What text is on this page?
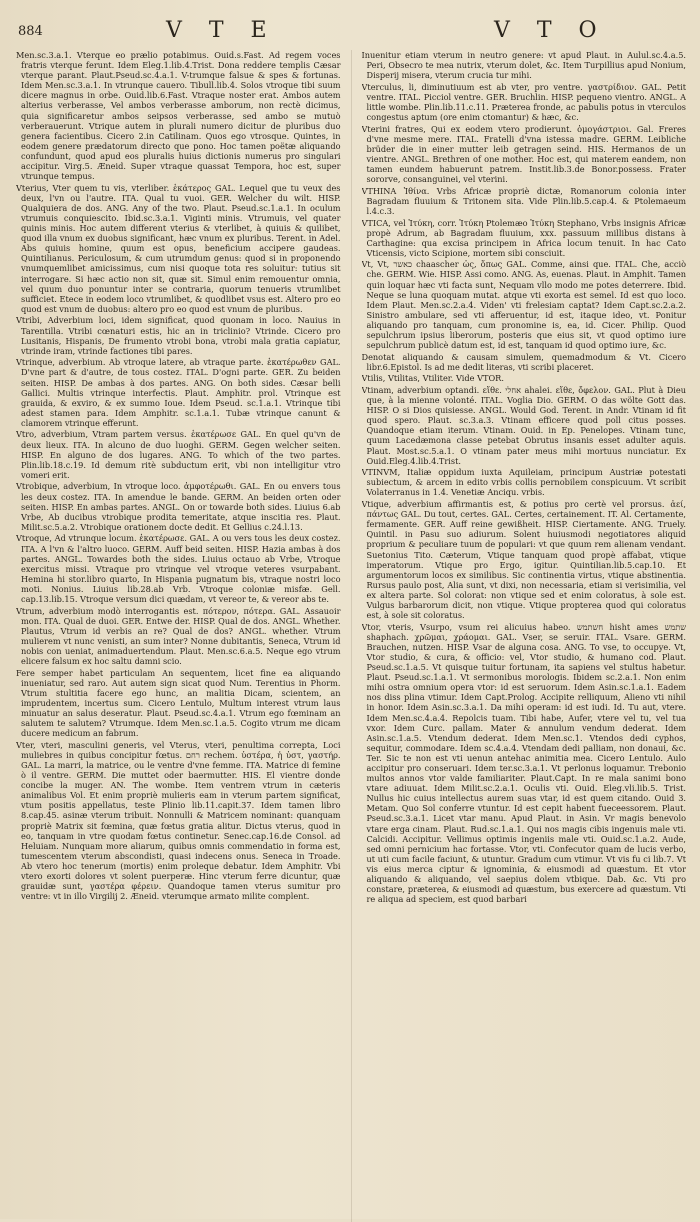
884	V T E	V T O

Men.sc.3.a.1. Vterque eo prælio potabimus. Ouid.s.Fast. Ad regem voces fratris vterque ferunt. Idem Eleg.1.lib.4.Trist. Dona reddere templis Cæsar vterque parant. Plaut.Pseud.sc.4.a.1. V-trumque falsue & spes & fortunas. Idem Men.sc.3.a.1. In vtrunque cauero. Tibull.lib.4. Solos vtroque tibi suum dicere magnus in orbe. Ouid.lib.6.Fast. Vtraque noster erat. Ambos autem alterius verberasse, Vel ambos verberasse amborum, non rectè dicimus, quia significaretur ambos seipsos verberasse, sed ambo se mutuò verberauerunt. Vtrique autem in plurali numero dicitur de pluribus duo genera facientibus. Cicero 2.in Catilinam. Quos ego vtrosque. Quintes, in eodem genere prædatorum directo que pono. Hoc tamen poëtæ aliquando confundunt, quod apud eos pluralis huius dictionis numerus pro singulari accipitur. Virg.5. Æneid. Super vtraque quassat Tempora, hoc est, super vtrunque tempus.

Vterius, Vter quem tu vis, vterliber. ἑκάτερος GAL. Lequel que tu veux des deux, l'vn ou l'autre. ITA. Qual tu vuoi. GER. Welcher du wilt. HISP. Qualquiera de dos. ANG. Any of the two. Plaut. Pseud.sc.1.a.1. In oculum vtrumuis conquiescito. Ibid.sc.3.a.1. Viginti minis. Vtrumuis, vel quater quinis minis. Hoc autem different vterius & vterlibet, à quiuis & quilibet, quod illa vnum ex duobus significant, hæc vnum ex pluribus. Terent. in Adel. Abs quiuis homine, quum est opus, beneficium accipere gaudeas. Quintilianus. Periculosum, & cum utrumdum genus: quod si in proponendo vnumquemlibet amicissimus, cum nisi quoque tota res soluitur: tutius sit interrogare. Si hæc actio non sit, quæ sit. Simul enim remouentur omnia, vel quum duo ponuntur inter se contraria, quorum tenueris vtrumlibet sufficiet. Etece in eodem loco vtrumlibet, & quodlibet vsus est. Altero pro eo quod est vnum de duobus: altero pro eo quod est vnum de pluribus.

Vtribi, Adverbium loci, idem significat, quod quonam in loco. Nauius in Tarentilla. Vtribi cœnaturi estis, hic an in triclinio? Vtrinde. Cicero pro Lusitanis, Hispanis, De frumento vtrobi bona, vtrobi mala gratia capiatur, vtrinde iram, vtrinde factiones tibi pares.

Vtrinque, adverbium. Ab vtroque latere, ab vtraque parte. ἑκατέρωθεν GAL. D'vne part & d'autre, de tous costez. ITAL. D'ogni parte. GER. Zu beiden seiten. HISP. De ambas à dos partes. ANG. On both sides. Cæsar belli Gallici. Multis vtrinque interfectis. Plaut. Amphitr. prol. Vtrinque est grauida, & exviro, & ex summo Ioue. Idem Pseud. sc.1.a.1. Vtrinque tibi adest stamen para. Idem Amphitr. sc.1.a.1. Tubæ vtrinque canunt & clamorem vtrinque efferunt.

Vtro, adverbium, Vtram partem versus. ἑκατέρωσε GAL. En quel qu'vn de deux lieux. ITA. In alcuno de duo luoghi. GERM. Gegen welcher seiten. HISP. En alguno de dos lugares. ANG. To which of the two partes. Plin.lib.18.c.19. Id demum ritè subductum erit, vbi non intelligitur vtro vomeri erit.

Vtrobique, adverbium, In vtroque loco. ἀμφοτέρωθι. GAL. En ou envers tous les deux costez. ITA. In amendue le bande. GERM. An beiden orten oder seiten. HISP. En ambas partes. ANGL. On or towarde both sides. Liuius 6.ab Vrbe, Ab ducibus vtrobique prodita temeritate, atque inscitia res. Plaut. Milit.sc.5.a.2. Vtrobique orationem docte dedit. Et Gellius c.24.l.13.

Vtroque, Ad vtrunque locum. ἑκατέρωσε. GAL. A ou vers tous les deux costez. ITA. A l'vn & l'altro luoco. GERM. Auff beid seiten. HISP. Hazia ambas à dos partes. ANGL. Towardes both the sides. Liuius octauo ab Vrbe, Vtroque exercitus missi. Vtraque pro vtrinque vel vtroque veteres vsurpabant. Hemina hi stor.libro quarto, In Hispania pugnatum bis, vtraque nostri loco moti. Nonius. Liuius lib.28.ab Vrb. Vtroque coloniæ misfæ. Gell. cap.13.lib.15. Vtroque versum dici quædam, vt vereor te, & vereor abs te.

Vtrum, adverbium modò interrogantis est. πότερον, πότερα. GAL. Assauoir mon. ITA. Qual de duoi. GER. Entwe der. HISP. Qual de dos. ANGL. Whether. Plautus, Vtrum id verbis an re? Qual de dos? ANGL. whether. Vtrum mulierem vt nunc venisti, an sum inter? Nonne dubitantis, Seneca, Vtrum id nobis con ueniat, animaduertendum. Plaut. Men.sc.6.a.5. Neque ego vtrum elicere falsum ex hoc saltu damni scio.

Fere semper habet particulam An sequentem, licet fine ea aliquando inueniatur, sed raro. Aut autem sign sicat quod Num. Terentius in Phorm. Vtrum stultitia facere ego hunc, an malitia Dicam, scientem, an imprudentem, incertus sum. Cicero Lentulo, Multum interest vtrum laus minuatur an salus deseratur. Plaut. Pseud.sc.4.a.1. Vtrum ego fœminam an salutem te salutem? Vtrumque. Idem Men.sc.1.a.5. Cogito vtrum me dicam ducere medicum an fabrum.

Vter, vteri, masculini generis, vel Vterus, vteri, penultima correpta, Loci muliebres in quibus concipitur fœtus. רחם rechem. ὑστέρα, ἡ ὑστ, γαστήρ. GAL. La marri, la matrice, ou le ventre d'vne femme. ITA. Matrice di femine ò il ventre. GERM. Die muttet oder baermutter. HIS. El vientre donde concibe la muger. AN. The wombe. Item ventrem vtrum in cæteris animalibus Vol. Et enim propriè mulieris eam in vterum partem significat, vtum positis appellatus, teste Plinio lib.11.capit.37. Idem tamen libro 8.cap.45. asinæ vterum tribuit. Nonnulli & Matricem nominant: quanquam propriè Matrix sit fœmina, quæ fœtus gratia alitur. Dictus vterus, quod in eo, tanquam in vtre quodam fœtus continetur. Senec.cap.16.de Consol. ad Heluiam. Nunquam more aliarum, quibus omnis commendatio in forma est, tumescentem vterum abscondisti, quasi indecens onus. Seneca in Troade. Ab vtero hoc tenerum (mortis) enim proleque debatur. Idem Amphitr. Vbi vtero exorti dolores vt solent puerperæ. Hinc vterum ferre dicuntur, quæ grauidæ sunt, γαστέρα φέρειν. Quandoque tamen vterus sumitur pro ventre: vt in illo Virgilij 2. Æneid. vterumque armato milite complent.

Inuenitur etiam vterum in neutro genere: vt apud Plaut. in Aulul.sc.4.a.5. Peri, Obsecro te mea nutrix, vterum dolet, &c. Item Turpillius apud Nonium, Disperij misera, vterum crucia tur mihi.

Vterculus, li, diminutiuum est ab vter, pro ventre. γαστρίδιον. GAL. Petit ventre. ITAL. Picciol ventre. GER. Bruchlin. HISP. pequeno vientro. ANGL. A little wombe. Plin.lib.11.c.11. Præterea fronde, ac pabulis potus in vterculos congestus aptum (ore enim ctomantur) & hæc, &c.

Vterini fratres, Qui ex eodem vtero prodierunt. ὁμογάστριοι. Gal. Freres d'vne mesme mere. ITAL. Fratelli d'vna istessa madre. GERM. Leibliche brüder die in einer mutter leib getragen seind. HIS. Hermanos de un vientre. ANGL. Brethren of one mother. Hoc est, qui materem eandem, non tamen eundem habuerunt patrem. Instit.lib.3.de Bonor.possess. Frater sororve, consanguinei, vel vterini.

VTHINA Ἰθίνα. Vrbs Africæ propriè dictæ, Romanorum colonia inter Bagradam fluuium & Tritonem sita. Vide Plin.lib.5.cap.4. & Ptolemaeum l.4.c.3.

VTICA, vel Ἰτύκη, corr. Ἰτύκη Ptolemæo Ἰτύκη Stephano, Vrbs insignis Africæ propè Adrum, ab Bagradam fluuium, xxx. passuum millibus distans à Carthagine: qua excisa principem in Africa locum tenuit. In hac Cato Vticensis, victo Scipione, mortem sibi consciuit.

Vt, Vt, כאשר chaascher ὡς, ὅπως GAL. Comme, ainsi que. ITAL. Che, acciò che. GERM. Wie. HISP. Assi como. ANG. As, euenas. Plaut. in Amphit. Tamen quin loquar hæc vti facta sunt, Nequam vllo modo me potes deterrere. Ibid. Neque se luna quoquam mutat. atque vti exorta est semel. Id est quo loco. Idem Plaut. Men.sc.2.a.4. Viden' vti frelesiam captat? Idem Capt.sc.2.a.2. Sinistro ambulare, sed vti afferuentur, id est, itaque ideo, vt. Ponitur aliquando pro tanquam, cum pronomine is, ea, id. Cicer. Philip. Quod sepulchrum ipsius liberorum, posteris que eius sit, vt quod optimo iure sepulchrum publicè datum est, id est, tanquam id quod optimo iure, &c.

Denotat aliquando & causam simulem, quemadmodum & Vt. Cicero libr.6.Epistol. Is ad me dedit literas, vti scribi placeret.

Vtilis, Vtilitas, Vtiliter. Vide VTOR.

Vtinam, adverbium optandi. εἴθε. אחלי ahalei. εἴθε, ὄφελον. GAL. Plut à Dieu que, à la mienne volonté. ITAL. Voglia Dio. GERM. O das wölte Gott das. HISP. O si Dios quisiesse. ANGL. Would God. Terent. in Andr. Vtinam id fit quod spero. Plaut. sc.3.a.3. Vtinam efficere quod poll citus posses. Quandoque etiam iterum. Vtinam. Ouid. in Ep. Penelopes. Vtinam tunc, quum Lacedæmona classe petebat Obrutus insanis esset adulter aquis. Plaut. Most.sc.5.a.1. O vtinam pater meus mihi mortuus nunciatur. Ex Ouid.Eleg.4.lib.4.Trist.

VTINVM, Italiæ oppidum iuxta Aquileiam, principum Austriæ potestati subiectum, & arcem in edito vrbis collis pernobilem conspicuum. Vt scribit Volaterranus in 1.4. Venetiæ Anciqu. vrbis.

Vtique, adverbium affirmantis est, & potius pro certè vel prorsus. ἀεί, πάντως GAL. Du tout, certes. GAL. Certes, certainement. IT. Al. Certamente, fermamente. GER. Auff reine gewißheit. HISP. Ciertamente. ANG. Truely. Quintil. in Pasu suo adiurum. Solent huiusmodi negotiatores aliquid proprium & peculiare tuum de populari: vt que quum rem alienam vendant. Suetonius Tito. Cæterum, Vtique tanquam quod propè affabat, vtique imperatorum. Vtique pro Ergo, igitur. Quintilian.lib.5.cap.10. Et argumentorum locos ex similibus. Sic continentia virtus, vtique abstinentia. Rursus paulo post, Alia sunt, vt dixi, non necessaria, etiam si verisimilia, vel ex altera parte. Sol colorat: non vtique sed et enim coloratus, à sole est. Vulgus barbarorum dicit, non vtique. Vtique propterea quod qui coloratus est, à sole sit coloratus.

Vtor, vteris, Vsurpo, vsum rei alicuius habeo. חשתמש hisht ames שתמש shaphach. χρῶμαι, χράομαι. GAL. Vser, se seruir. ITAL. Vsare. GERM. Brauchen, nutzen. HISP. Vsar de alguna cosa. ANG. To vse, to occupye. Vt, Vtor studio, & cura, & officio: vel, Vtor studio, & humano cod. Plaut. Pseud.sc.1.a.5. Vt quisque tuitur fortunam, ita sapiens vel stultus habetur. Plaut. Pseud.sc.1.a.1. Vt sermonibus morologis. Ibidem sc.2.a.1. Non enim mihi ostra omnium opera vtor: id est seruorum. Idem Asin.sc.1.a.1. Eadem nos diss plina vtimur. Idem Capt.Prolog. Accipite relliquum, Alieno vti nihil in honor. Idem Asin.sc.3.a.1. Da mihi operam: id est iudi. Id. Tu aut, vtere. Idem Men.sc.4.a.4. Repolcis tuam. Tibi habe, Aufer, vtere vel tu, vel tua vxor. Idem Curc. pallam. Mater & annulum vendum dederat. Idem Asin.sc.1.a.5. Vtendum dederat. Idem Men.sc.1. Vtendos dedi cyphos, sequitur, commodare. Idem sc.4.a.4. Vtendam dedi palliam, non donaui, &c. Ter. Sic te non est vti uenun antehac animitia mea. Cicero Lentulo. Aulo accipitur pro conseruari. Idem ter.sc.3.a.1. Vt perlonus loquamur. Trebonio multos annos vtor valde familiariter. Plaut.Capt. In re mala sanimi bono vtare adiuuat. Idem Milit.sc.2.a.1. Oculis vti. Ouid. Eleg.vli.lib.5. Trist. Nullus hic cuius intellectus aurem suas vtar, id est quem citando. Ouid 3. Metam. Quo Sol conferre vtuntur. Id est cepit habent fueceessorem. Plaut. Pseud.sc.3.a.1. Licet vtar manu. Apud Plaut. in Asin. Vr magis benevolo vtare erga cinam. Plaut. Rud.sc.1.a.1. Qui nos magis cibis ingenuis male vti. Calcidi. Accipitur. Vellimus optimis ingeniis male vti. Ouid.sc.1.a.2. Aude, sed omni pernicium hac fortasse. Vtor, vti. Confecutor quam de lucis verbo, ut uti cum facile faciunt, & utuntur. Gradum cum vtimur. Vt vis fu ci lib.7. Vt vis eius merca ciptur & ignominia, & eiusmodi ad quæstum. Et vtor aliquando & aliquando, vel saepius dolem vtbique. Dab. &c. Vti pro constare, præterea, & eiusmodi ad quæstum, bus exercere ad quæstum. Vti re aliqua ad speciem, est quod barbari
